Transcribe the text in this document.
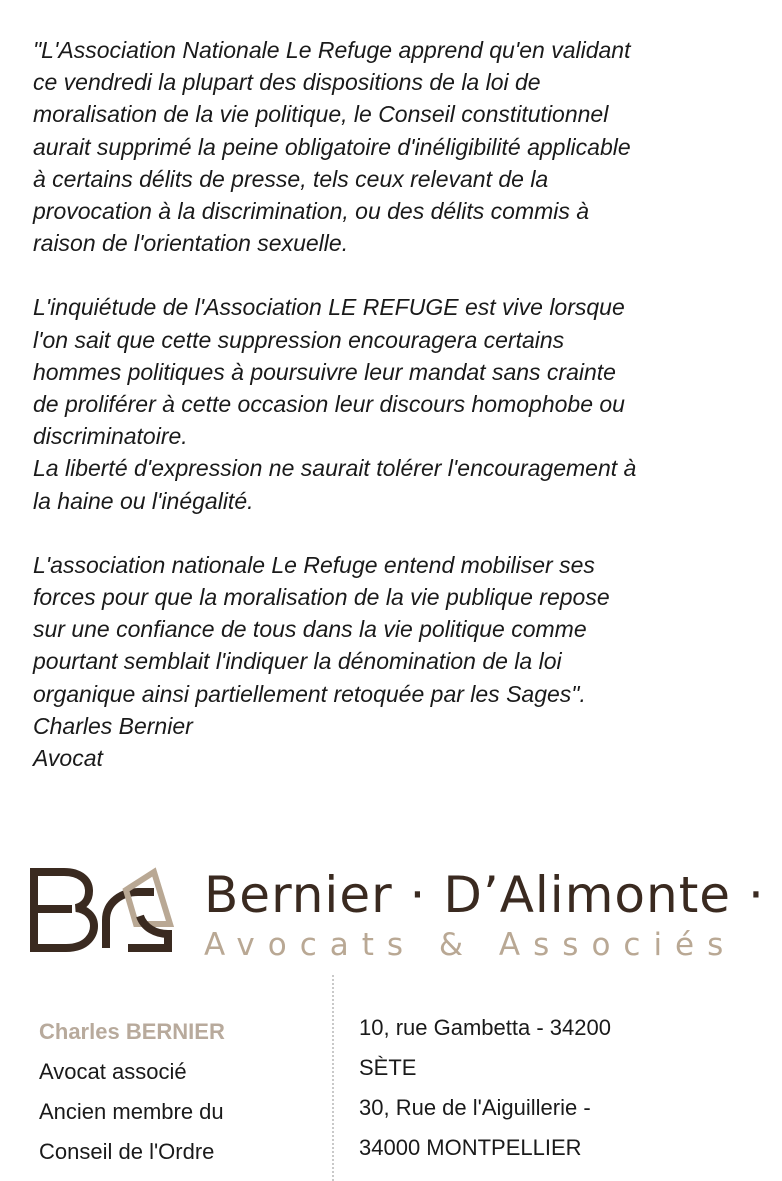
"L'Association Nationale Le Refuge apprend qu'en validant

ce vendredi la plupart des dispositions de la loi de

moralisation de la vie politique, le Conseil constitutionnel

aurait supprimé la peine obligatoire d'inéligibilité applicable

à certains délits de presse, tels ceux relevant de la

provocation à la discrimination, ou des délits commis à

raison de l'orientation sexuelle.

L'inquiétude de l'Association LE REFUGE est vive lorsque

l'on sait que cette suppression encouragera certains

hommes politiques à poursuivre leur mandat sans crainte

de proliférer à cette occasion leur discours homophobe ou

discriminatoire.

La liberté d'expression ne saurait tolérer l'encouragement à

la haine ou l'inégalité.

L'association nationale Le Refuge entend mobiliser ses

forces pour que la moralisation de la vie publique repose

sur une confiance de tous dans la vie politique comme

pourtant semblait l'indiquer la dénomination de la loi

organique ainsi partiellement retoquée par les Sages".

Charles Bernier

Avocat

Bernier · D’Alimonte ·
Avocats & Associés
Charles BERNIER
Avocat associé
Ancien membre du
Conseil de l'Ordre
10, rue Gambetta - 34200
SÈTE
30, Rue de l'Aiguillerie -
34000 MONTPELLIER
